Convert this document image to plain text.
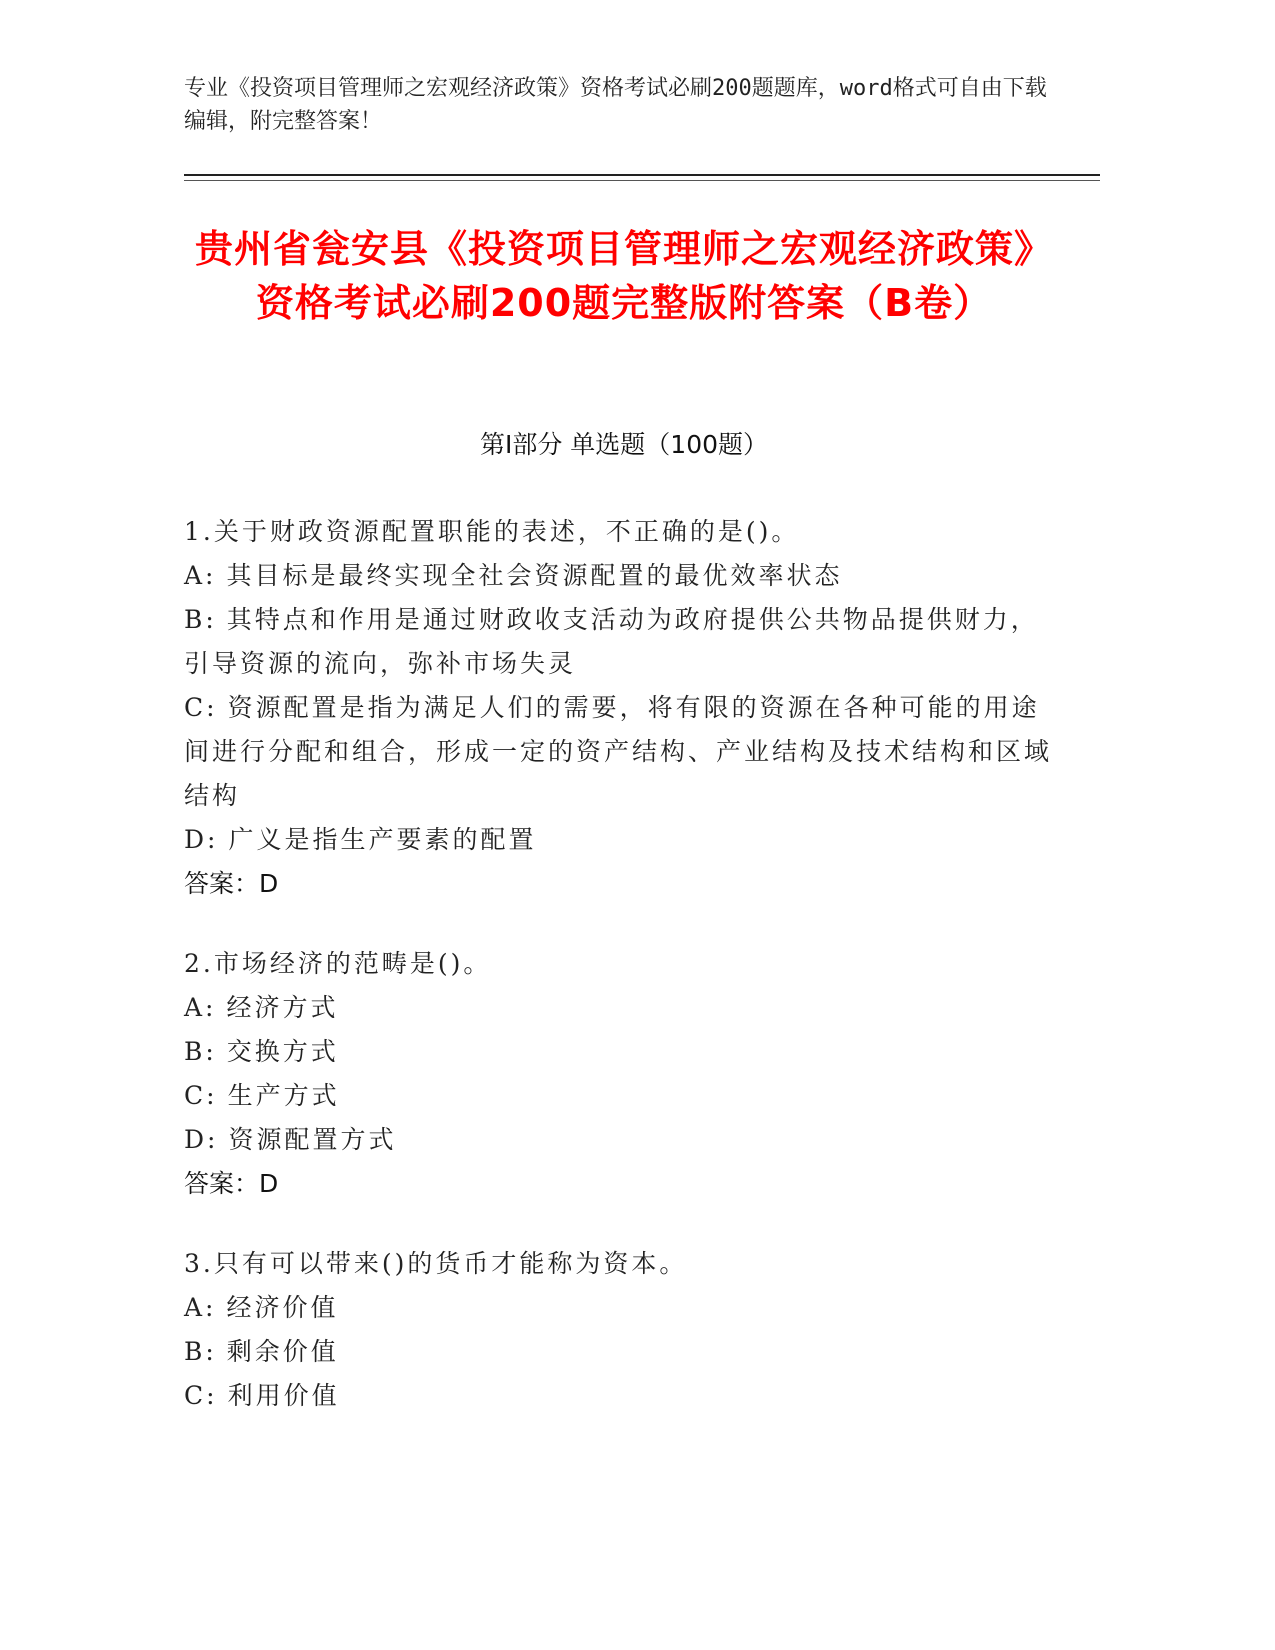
专业《投资项目管理师之宏观经济政策》资格考试必刷200题题库，word格式可自由下载编辑，附完整答案！
贵州省瓮安县《投资项目管理师之宏观经济政策》资格考试必刷200题完整版附答案（B卷）
第I部分 单选题（100题）
1.关于财政资源配置职能的表述，不正确的是()。
A: 其目标是最终实现全社会资源配置的最优效率状态
B: 其特点和作用是通过财政收支活动为政府提供公共物品提供财力，引导资源的流向，弥补市场失灵
C: 资源配置是指为满足人们的需要，将有限的资源在各种可能的用途间进行分配和组合，形成一定的资产结构、产业结构及技术结构和区域结构
D: 广义是指生产要素的配置
答案：D
2.市场经济的范畴是()。
A: 经济方式
B: 交换方式
C: 生产方式
D: 资源配置方式
答案：D
3.只有可以带来()的货币才能称为资本。
A: 经济价值
B: 剩余价值
C: 利用价值
